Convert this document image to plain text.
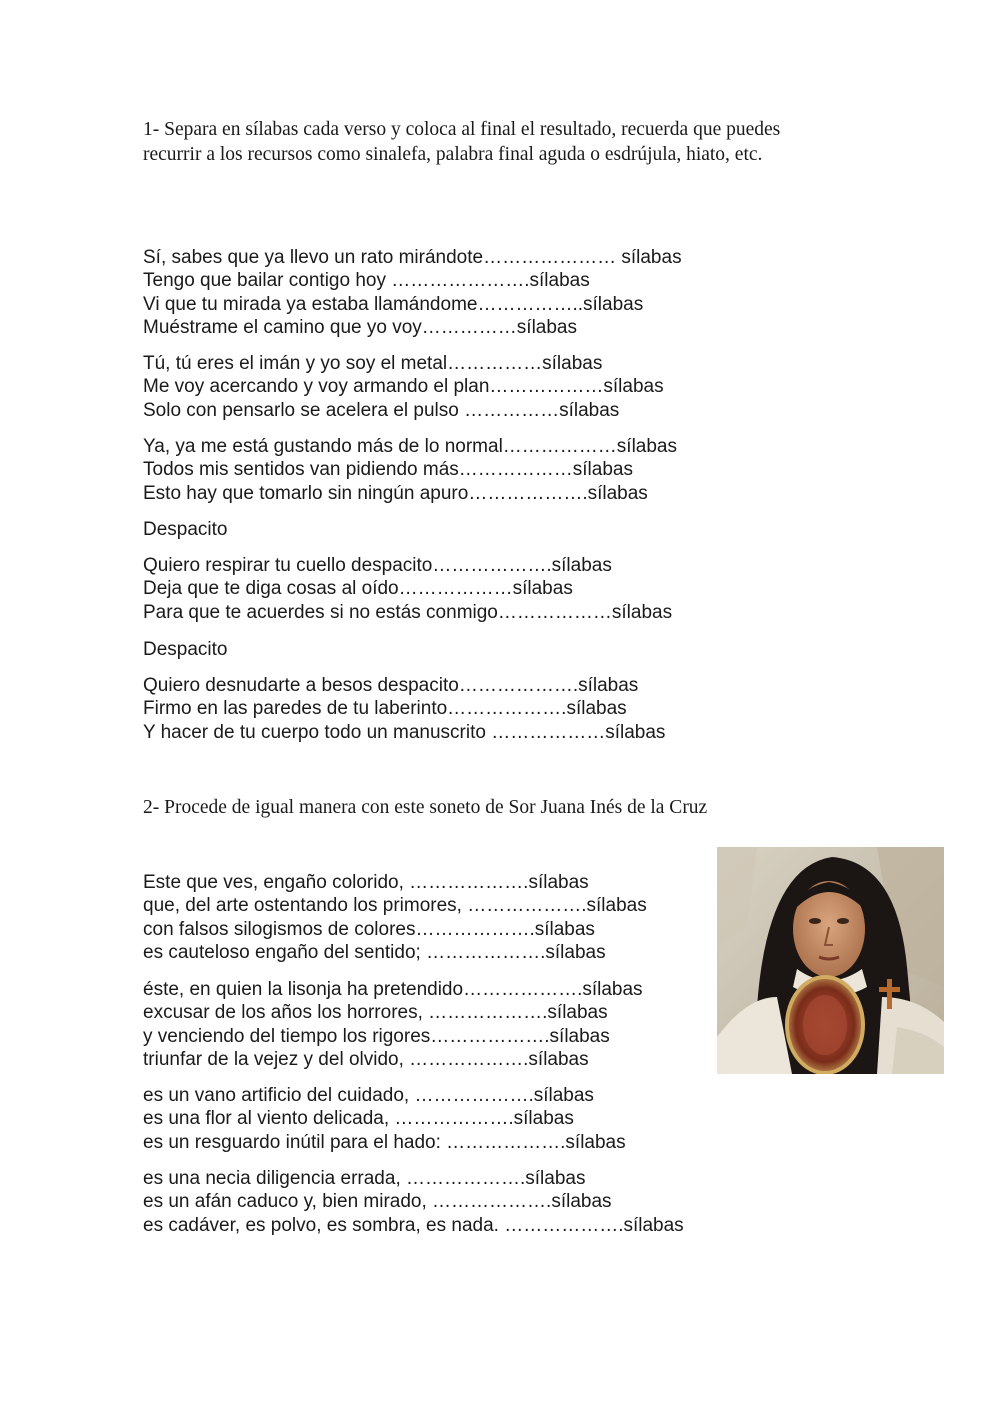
1- Separa en sílabas cada verso y coloca al final el resultado, recuerda que puedes recurrir a los recursos como sinalefa, palabra final aguda o esdrújula, hiato, etc.

Sí, sabes que ya llevo un rato mirándote………………… sílabas
Tengo que bailar contigo hoy ………………….sílabas
Vi que tu mirada ya estaba llamándome……………..sílabas
Muéstrame el camino que yo voy……………sílabas
Tú, tú eres el imán y yo soy el metal……………sílabas
Me voy acercando y voy armando el plan………………sílabas
Solo con pensarlo se acelera el pulso ……………sílabas
Ya, ya me está gustando más de lo normal………………sílabas
Todos mis sentidos van pidiendo más………………sílabas
Esto hay que tomarlo sin ningún apuro……………….sílabas
Despacito
Quiero respirar tu cuello despacito……………….sílabas
Deja que te diga cosas al oído………………sílabas
Para que te acuerdes si no estás conmigo………………sílabas
Despacito
Quiero desnudarte a besos despacito……………….sílabas
Firmo en las paredes de tu laberinto……………….sílabas
Y hacer de tu cuerpo todo un manuscrito ………………sílabas

2- Procede de igual manera con este soneto de Sor Juana Inés de la Cruz

Este que ves, engaño colorido, ……………….sílabas
que, del arte ostentando los primores, ……………….sílabas
con falsos silogismos de colores……………….sílabas
es cauteloso engaño del sentido; ……………….sílabas
éste, en quien la lisonja ha pretendido……………….sílabas
excusar de los años los horrores, ……………….sílabas
y venciendo del tiempo los rigores……………….sílabas
triunfar de la vejez y del olvido, ……………….sílabas
es un vano artificio del cuidado, ……………….sílabas
es una flor al viento delicada, ……………….sílabas
es un resguardo inútil para el hado: ……………….sílabas
es una necia diligencia errada, ……………….sílabas
es un afán caduco y, bien mirado, ……………….sílabas
es cadáver, es polvo, es sombra, es nada. ……………….sílabas
